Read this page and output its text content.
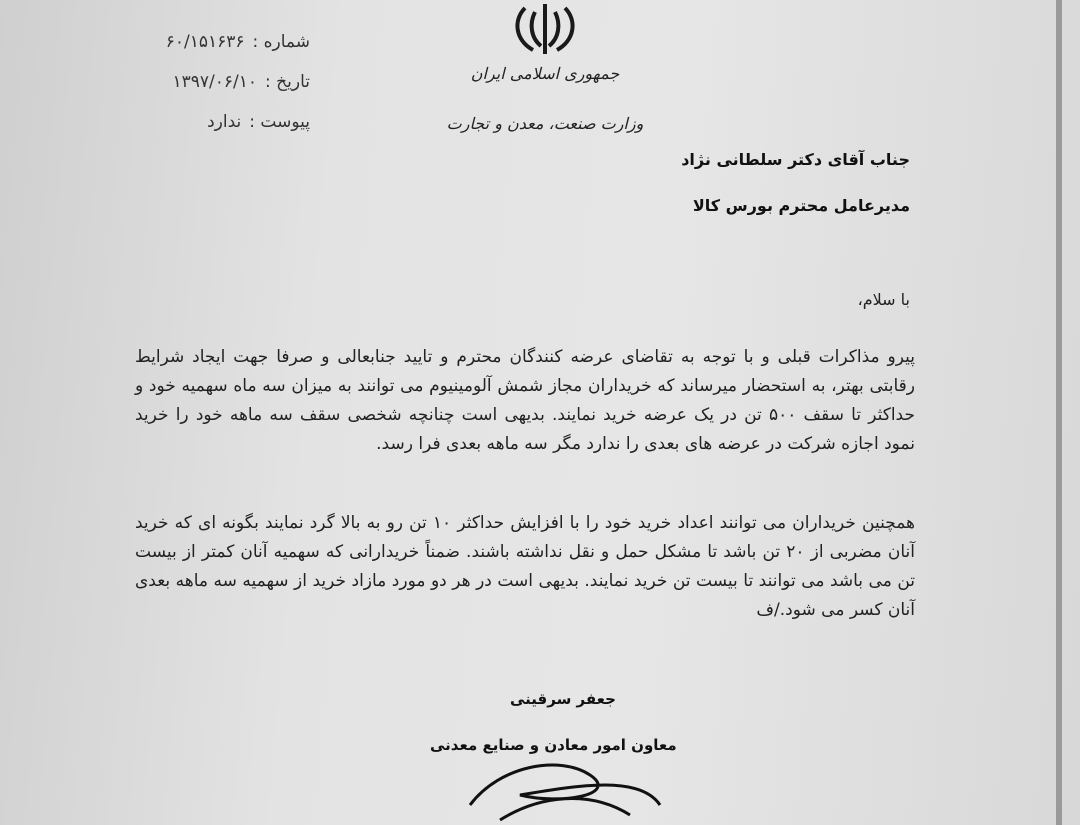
شماره :
۶۰/۱۵۱۶۳۶
تاریخ :
۱۳۹۷/۰۶/۱۰
پیوست :
ندارد
جمهوری اسلامی ایران
وزارت صنعت، معدن و تجارت
جناب آقای دکتر سلطانی نژاد
مدیرعامل محترم بورس کالا
با سلام،
پیرو مذاکرات قبلی و با توجه به تقاضای عرضه کنندگان محترم و تایید جنابعالی و صرفا جهت ایجاد شرایط رقابتی بهتر، به استحضار میرساند که خریداران مجاز شمش آلومینیوم می توانند به میزان سه ماه سهمیه خود و حداکثر تا سقف ۵۰۰ تن در یک عرضه خرید نمایند. بدیهی است چنانچه شخصی سقف سه ماهه خود را خرید نمود اجازه شرکت در عرضه های بعدی را ندارد مگر سه ماهه بعدی فرا رسد.
همچنین خریداران می توانند اعداد خرید خود را با افزایش حداکثر ۱۰ تن رو به بالا گرد نمایند بگونه ای که خرید آنان مضربی از ۲۰ تن باشد تا مشکل حمل و نقل نداشته باشند. ضمناً خریدارانی که سهمیه آنان کمتر از بیست تن می باشد می توانند تا بیست تن خرید نمایند. بدیهی است در هر دو مورد مازاد خرید از سهمیه سه ماهه بعدی آنان کسر می شود./ف
جعفر سرقینی
معاون امور معادن و صنایع معدنی
